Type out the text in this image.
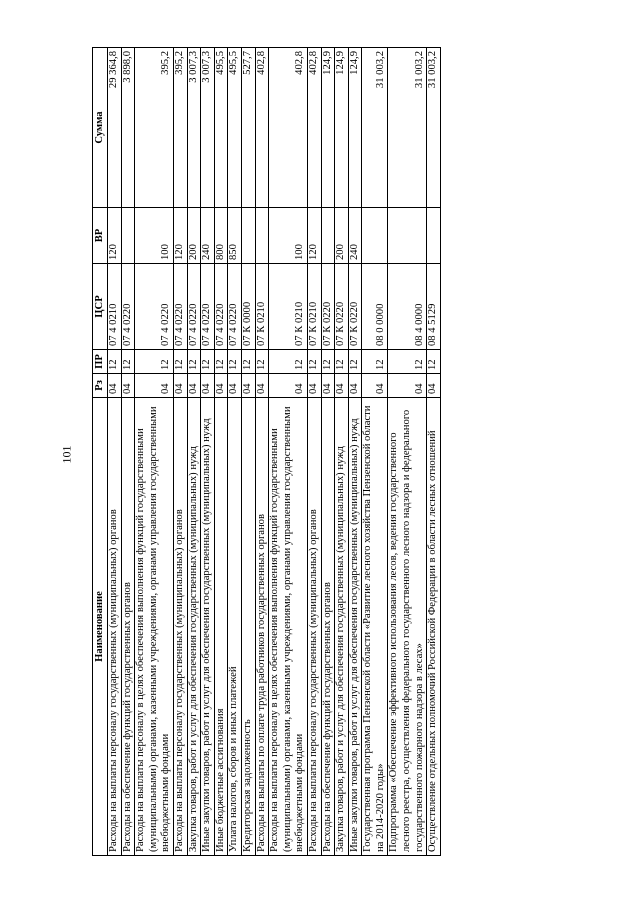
101
Наименование	Рз	ПР	ЦСР	ВР	Сумма
Расходы на выплаты персоналу государственных (муниципальных) органов	04	12	07 4 0210	120	29 364,8
Расходы на обеспечение функций государственных органов	04	12	07 4 0220		3 898,0
Расходы на выплаты персоналу в целях обеспечения выполнения функций государственными (муниципальными) органами, казенными учреждениями, органами управления государственными внебюджетными фондами	04	12	07 4 0220	100	395,2
Расходы на выплаты персоналу государственных (муниципальных) органов	04	12	07 4 0220	120	395,2
Закупка товаров, работ и услуг для обеспечения государственных (муниципальных) нужд	04	12	07 4 0220	200	3 007,3
Иные закупки товаров, работ и услуг для обеспечения государственных (муниципальных) нужд	04	12	07 4 0220	240	3 007,3
Иные бюджетные ассигнования	04	12	07 4 0220	800	495,5
Уплата налогов, сборов и иных платежей	04	12	07 4 0220	850	495,5
Кредиторская задолженность	04	12	07 К 0000		527,7
Расходы на выплаты по оплате труда работников государственных органов	04	12	07 К 0210		402,8
Расходы на выплаты персоналу в целях обеспечения выполнения функций государственными (муниципальными) органами, казенными учреждениями, органами управления государственными внебюджетными фондами	04	12	07 К 0210	100	402,8
Расходы на выплаты персоналу государственных (муниципальных) органов	04	12	07 К 0210	120	402,8
Расходы на обеспечение функций государственных органов	04	12	07 К 0220		124,9
Закупка товаров, работ и услуг для обеспечения государственных (муниципальных) нужд	04	12	07 К 0220	200	124,9
Иные закупки товаров, работ и услуг для обеспечения государственных (муниципальных) нужд	04	12	07 К 0220	240	124,9
Государственная программа Пензенской области «Развитие лесного хозяйства Пензенской области на 2014-2020 годы»	04	12	08 0 0000		31 003,2
Подпрограмма «Обеспечение эффективного использования лесов, ведения государственного лесного реестра, осуществления федерального государственного лесного надзора и федерального государственного пожарного надзора в лесах»	04	12	08 4 0000		31 003,2
Осуществление отдельных полномочий Российской Федерации в области лесных отношений	04	12	08 4 5129		31 003,2
